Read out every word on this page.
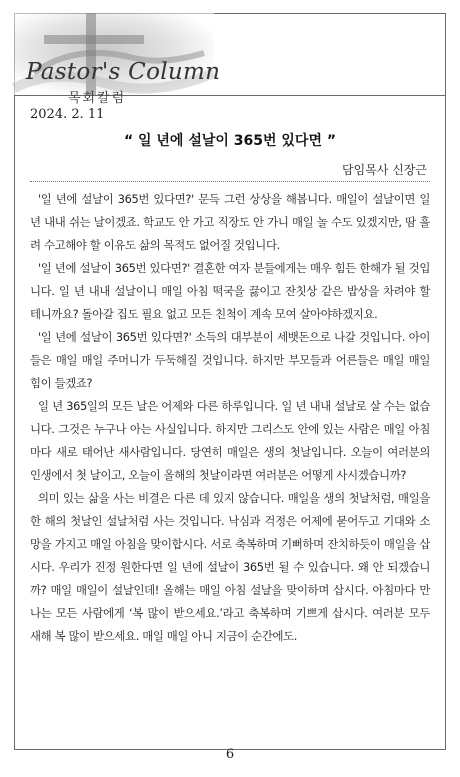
Pastor's Column
목회칼럼
2024. 2. 11
“ 일 년에 설날이 365번 있다면 ”
담임목사 신장근

'일 년에 설날이 365번 있다면?' 문득 그런 상상을 해봅니다. 매일이 설날이면 일 년 내내 쉬는 날이겠죠. 학교도 안 가고 직장도 안 가니 매일 놀 수도 있겠지만, 땀 흘려 수고해야 할 이유도 삶의 목적도 없어질 것입니다.

'일 년에 설날이 365번 있다면?' 결혼한 여자 분들에게는 매우 힘든 한해가 될 것입니다. 일 년 내내 설날이니 매일 아침 떡국을 끓이고 잔칫상 같은 밥상을 차려야 할 테니까요? 돌아갈 집도 필요 없고 모든 친척이 계속 모여 살아야하겠지요.

'일 년에 설날이 365번 있다면?' 소득의 대부분이 세뱃돈으로 나갈 것입니다. 아이들은 매일 매일 주머니가 두둑해질 것입니다. 하지만 부모들과 어른들은 매일 매일 힘이 들겠죠?

일 년 365일의 모든 날은 어제와 다른 하루입니다. 일 년 내내 설날로 살 수는 없습니다. 그것은 누구나 아는 사실입니다. 하지만 그리스도 안에 있는 사람은 매일 아침마다 새로 태어난 새사람입니다. 당연히 매일은 생의 첫날입니다. 오늘이 여러분의 인생에서 첫 날이고, 오늘이 올해의 첫날이라면 여러분은 어떻게 사시겠습니까?

의미 있는 삶을 사는 비결은 다른 데 있지 않습니다. 매일을 생의 첫날처럼, 매일을 한 해의 첫날인 설날처럼 사는 것입니다. 낙심과 걱정은 어제에 묻어두고 기대와 소망을 가지고 매일 아침을 맞이합시다. 서로 축복하며 기뻐하며 잔치하듯이 매일을 삽시다. 우리가 진정 원한다면 일 년에 설날이 365번 될 수 있습니다. 왜 안 되겠습니까? 매일 매일이 설날인데! 올해는 매일 아침 설날을 맞이하며 삽시다. 아침마다 만나는 모든 사람에게 ‘복 많이 받으세요.’라고 축복하며 기쁘게 삽시다. 여러분 모두 새해 복 많이 받으세요. 매일 매일 아니 지금이 순간에도.

6
